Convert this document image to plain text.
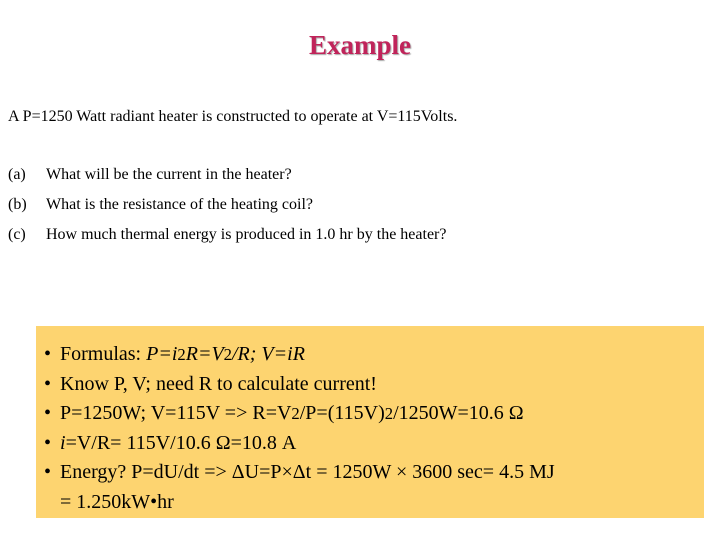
Example
A P=1250 Watt radiant heater is constructed to operate at V=115Volts.
(a)	What will be the current in the heater?
(b)	What is the resistance of the heating coil?
(c)	How much thermal energy is produced in 1.0 hr by the heater?
• Formulas: P=i 2 R=V 2 /R; V=iR
• Know P, V; need R to calculate current!
• P=1250W; V=115V => R=V 2 /P=(115V) 2 /1250W=10.6 Ω
• i =V/R= 115V/10.6 Ω=10.8 A
• Energy? P=dU/dt => ΔU=P×Δt = 1250W × 3600 sec= 4.5 MJ
= 1.250kW•hr
